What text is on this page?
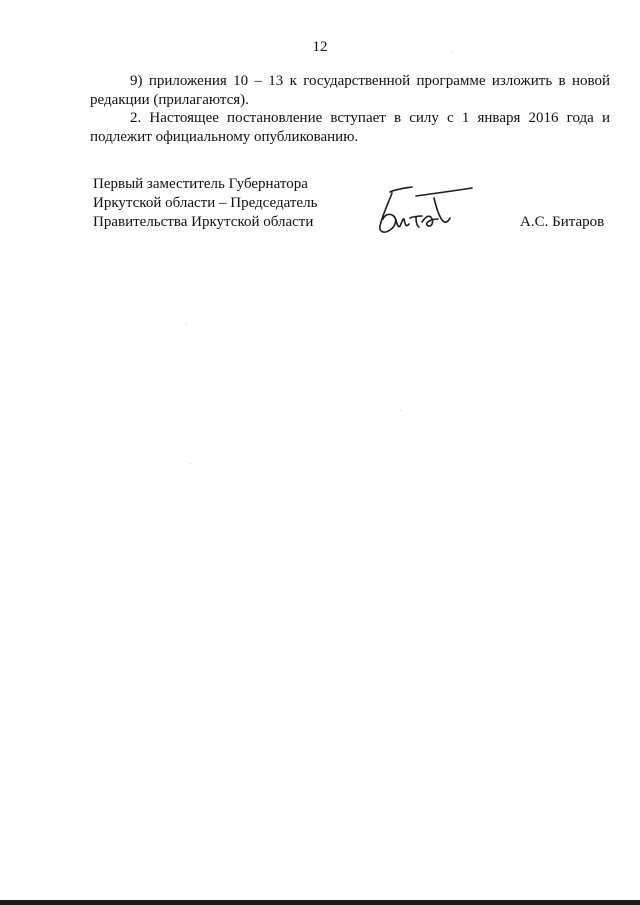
12

9) приложения 10 – 13 к государственной программе изложить в новой
редакции (прилагаются).

2. Настоящее постановление вступает в силу с 1 января 2016 года и
подлежит официальному опубликованию.

Первый заместитель Губернатора
Иркутской области – Председатель
Правительства Иркутской области	А.С. Битаров
